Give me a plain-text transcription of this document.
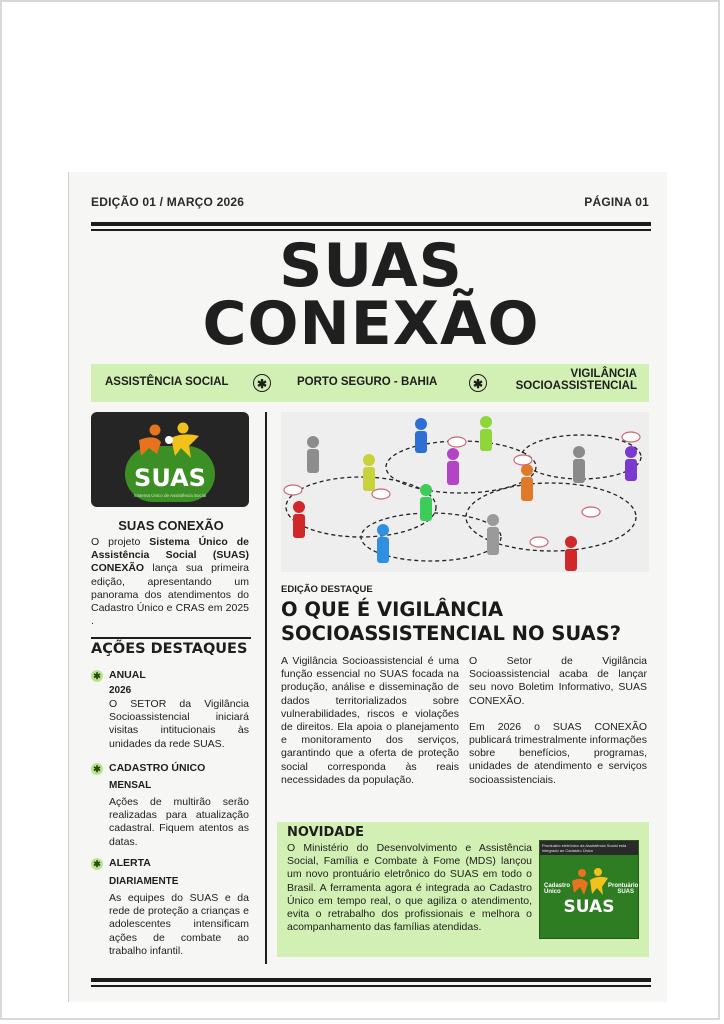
EDIÇÃO 01 / MARÇO 2026	PÁGINA 01
SUAS
CONEXÃO
ASSISTÊNCIA SOCIAL	✱	PORTO SEGURO - BAHIA	✱
VIGILÂNCIA
SOCIOASSISTENCIAL
SUAS
Sistema Único de Assistência Social
SUAS CONEXÃO
O projeto Sistema Único de Assistência Social (SUAS) CONEXÃO lança sua primeira edição, apresentando um panorama dos atendimentos do Cadastro Único e CRAS em 2025 .
AÇÕES DESTAQUES
✱ ANUAL
2026
O SETOR da Vigilância Socioassistencial iniciará visitas intitucionais às unidades da rede SUAS.
✱ CADASTRO ÚNICO
MENSAL
Ações de multirão serão realizadas para atualização cadastral. Fiquem atentos as datas.
✱ ALERTA
DIARIAMENTE
As equipes do SUAS e da rede de proteção a crianças e adolescentes intensificam ações de combate ao trabalho infantil.
EDIÇÃO DESTAQUE
O QUE É VIGILÂNCIA
SOCIOASSISTENCIAL NO SUAS?
A Vigilância Socioassistencial é uma função essencial no SUAS focada na produção, análise e disseminação de dados territorializados sobre vulnerabilidades, riscos e violações de direitos. Ela apoia o planejamento e monitoramento dos serviços, garantindo que a oferta de proteção social corresponda às reais necessidades da população.
O Setor de Vigilância Socioassistencial acaba de lançar seu novo Boletim Informativo, SUAS CONEXÃO.
Em 2026 o SUAS CONEXÃO publicará trimestralmente informações sobre benefícios, programas, unidades de atendimento e serviços socioassistenciais.
NOVIDADE
O Ministério do Desenvolvimento e Assistência Social, Família e Combate à Fome (MDS) lançou um novo prontuário eletrônico do SUAS em todo o Brasil. A ferramenta agora é integrada ao Cadastro Único em tempo real, o que agiliza o atendimento, evita o retrabalho dos profissionais e melhora o acompanhamento das famílias atendidas.
Prontuário eletrônico da Assistência Social está integrado ao Cadastro Único
Cadastro Único
Prontuário SUAS
SUAS
